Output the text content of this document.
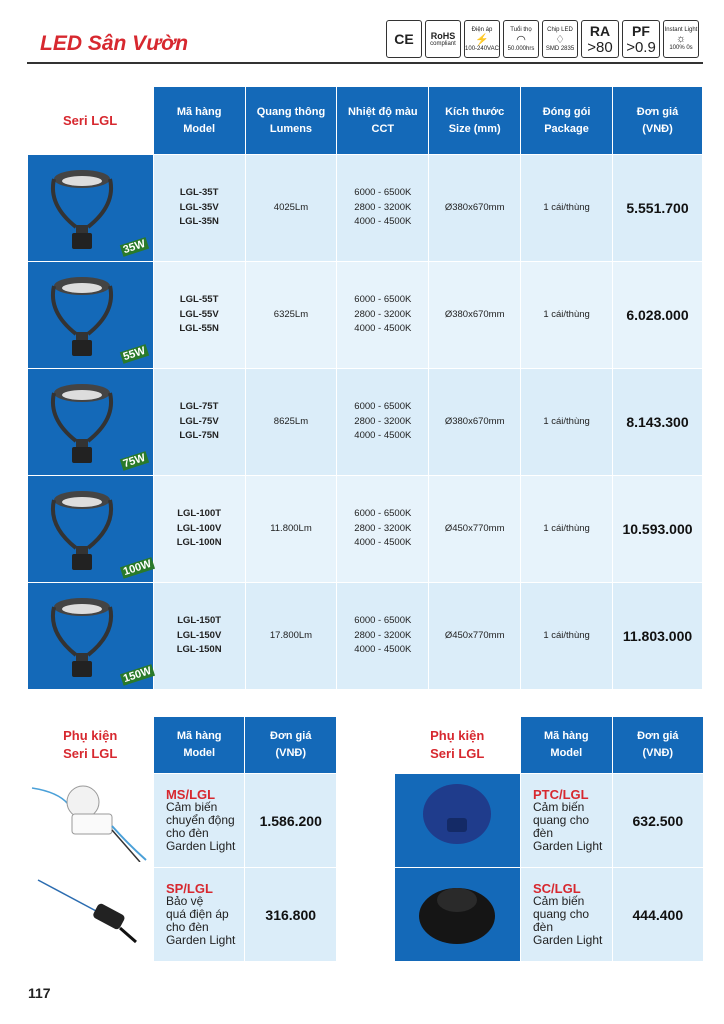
LED Sân Vườn	CE RoHS
compliant
Điện áp
⚡
100-240VAC
Tuổi thọ
◠
50.000hrs
Chip LED
♢
SMD 2835
RA
>80
PF
>0.9
Instant Light
☼
100% 0s
Seri LGL	Mã hàng
Model	Quang thông
Lumens	Nhiệt độ màu
CCT	Kích thước
Size (mm)	Đóng gói
Package	Đơn giá
(VNĐ)

35W	LGL-35T
LGL-35V
LGL-35N	4025Lm	6000 - 6500K
2800 - 3200K
4000 - 4500K	Ø380x670mm	1 cái/thùng	5.551.700

55W	LGL-55T
LGL-55V
LGL-55N	6325Lm	6000 - 6500K
2800 - 3200K
4000 - 4500K	Ø380x670mm	1 cái/thùng	6.028.000

75W	LGL-75T
LGL-75V
LGL-75N	8625Lm	6000 - 6500K
2800 - 3200K
4000 - 4500K	Ø380x670mm	1 cái/thùng	8.143.300

100W	LGL-100T
LGL-100V
LGL-100N	11.800Lm	6000 - 6500K
2800 - 3200K
4000 - 4500K	Ø450x770mm	1 cái/thùng	10.593.000

150W	LGL-150T
LGL-150V
LGL-150N	17.800Lm	6000 - 6500K
2800 - 3200K
4000 - 4500K	Ø450x770mm	1 cái/thùng	11.803.000
Phụ kiện
Seri LGL	Mã hàng
Model	Đơn giá
(VNĐ)

MS/LGL
Cảm biến
chuyển động
cho đèn
Garden Light	1.586.200

SP/LGL
Bảo vệ
quá điện áp
cho đèn
Garden Light	316.800
Phụ kiện
Seri LGL	Mã hàng
Model	Đơn giá
(VNĐ)

PTC/LGL
Cảm biến
quang cho đèn
Garden Light	632.500

SC/LGL
Cảm biến
quang cho đèn
Garden Light	444.400
117
